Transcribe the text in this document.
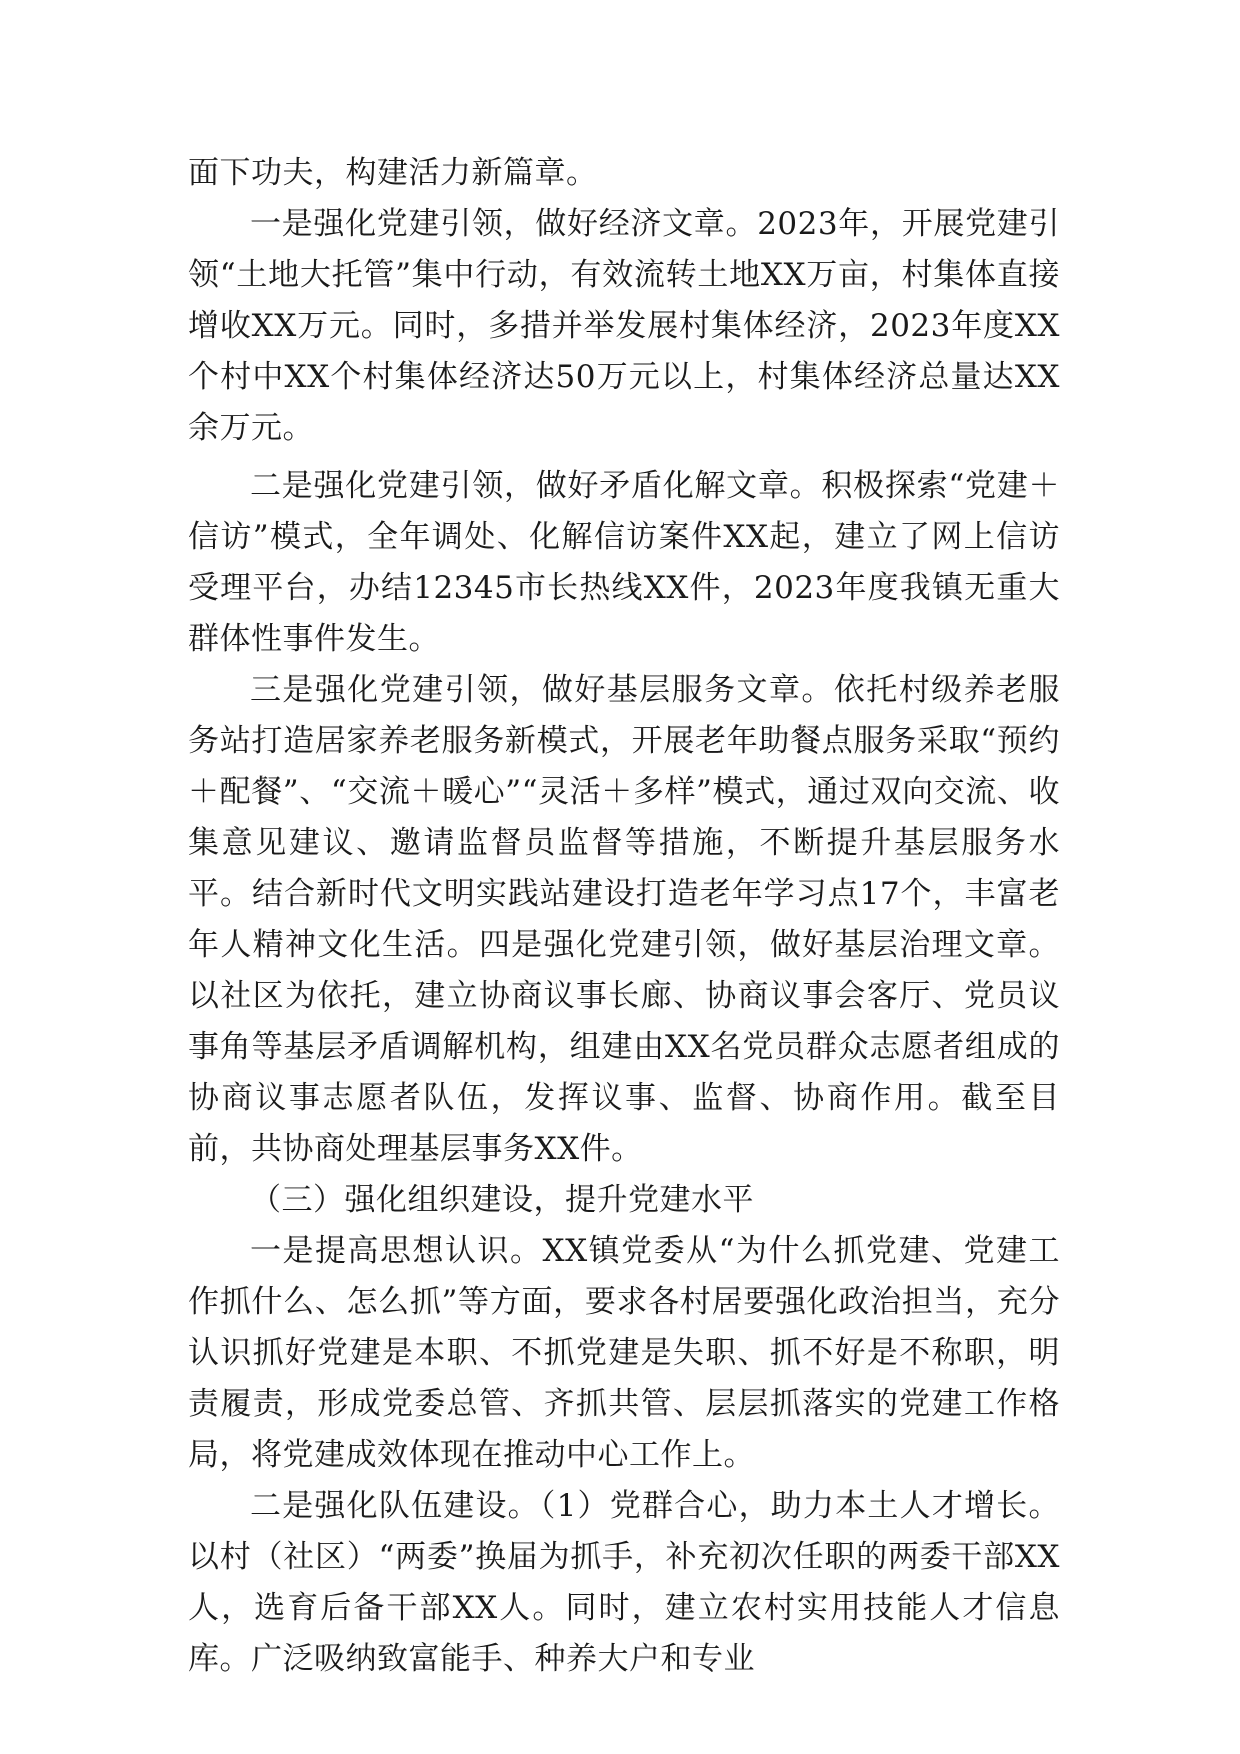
面下功夫，构建活力新篇章。

一是强化党建引领，做好经济文章。2023年，开展党建引领“土地大托管”集中行动，有效流转土地XX万亩，村集体直接增收XX万元。同时，多措并举发展村集体经济，2023年度XX个村中XX个村集体经济达50万元以上，村集体经济总量达XX余万元。

二是强化党建引领，做好矛盾化解文章。积极探索“党建＋信访”模式，全年调处、化解信访案件XX起，建立了网上信访受理平台，办结12345市长热线XX件，2023年度我镇无重大群体性事件发生。

三是强化党建引领，做好基层服务文章。依托村级养老服务站打造居家养老服务新模式，开展老年助餐点服务采取“预约＋配餐”、“交流＋暖心”“灵活＋多样”模式，通过双向交流、收集意见建议、邀请监督员监督等措施，不断提升基层服务水平。结合新时代文明实践站建设打造老年学习点17个，丰富老年人精神文化生活。四是强化党建引领，做好基层治理文章。以社区为依托，建立协商议事长廊、协商议事会客厅、党员议事角等基层矛盾调解机构，组建由XX名党员群众志愿者组成的协商议事志愿者队伍，发挥议事、监督、协商作用。截至目前，共协商处理基层事务XX件。

（三）强化组织建设，提升党建水平

一是提高思想认识。XX镇党委从“为什么抓党建、党建工作抓什么、怎么抓”等方面，要求各村居要强化政治担当，充分认识抓好党建是本职、不抓党建是失职、抓不好是不称职，明责履责，形成党委总管、齐抓共管、层层抓落实的党建工作格局，将党建成效体现在推动中心工作上。

二是强化队伍建设。（1）党群合心，助力本土人才增长。以村（社区）“两委”换届为抓手，补充初次任职的两委干部XX人，选育后备干部XX人。同时，建立农村实用技能人才信息库。广泛吸纳致富能手、种养大户和专业
